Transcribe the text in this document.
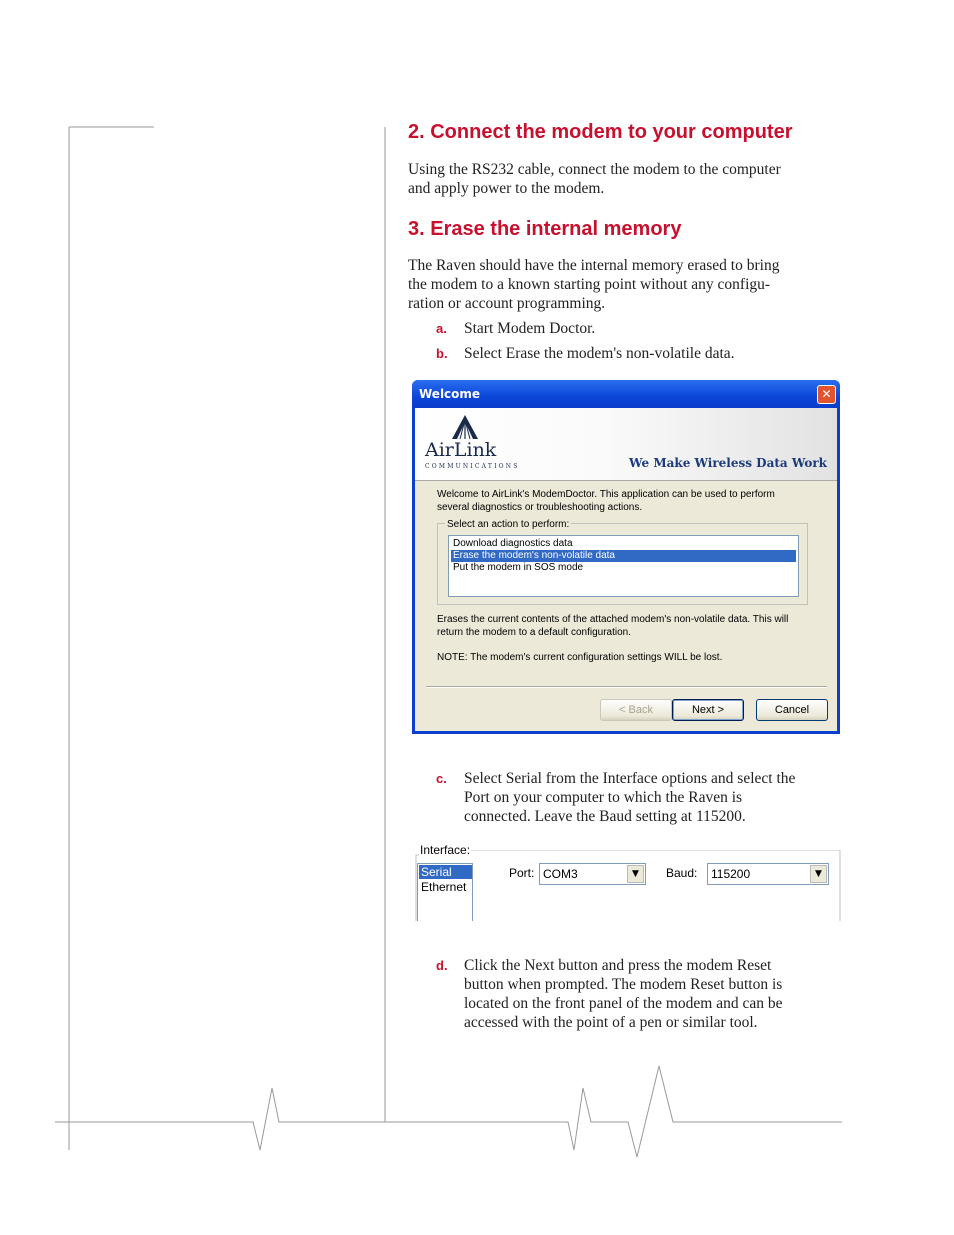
2. Connect the modem to your computer

Using the RS232 cable, connect the modem to the computer

and apply power to the modem.

3. Erase the internal memory

The Raven should have the internal memory erased to bring

the modem to a known starting point without any configu-

ration or account programming.

a. Start Modem Doctor.
b. Select Erase the modem's non-volatile data.
Welcome	✕
AirLink
COMMUNICATIONS	We Make Wireless Data Work
Welcome to AirLink's ModemDoctor. This application can be used to perform
several diagnostics or troubleshooting actions.
Select an action to perform:
Download diagnostics data
Erase the modem's non-volatile data
Put the modem in SOS mode
Erases the current contents of the attached modem's non-volatile data. This will
return the modem to a default configuration.
NOTE: The modem's current configuration settings WILL be lost.
< Back	Next >	Cancel
c. Select Serial from the Interface options and select the
Port on your computer to which the Raven is
connected. Leave the Baud setting at 115200.
Interface:
Serial
Ethernet
Port: COM3	▼	Baud: 115200	▼
d. Click the Next button and press the modem Reset
button when prompted. The modem Reset button is
located on the front panel of the modem and can be
accessed with the point of a pen or similar tool.
